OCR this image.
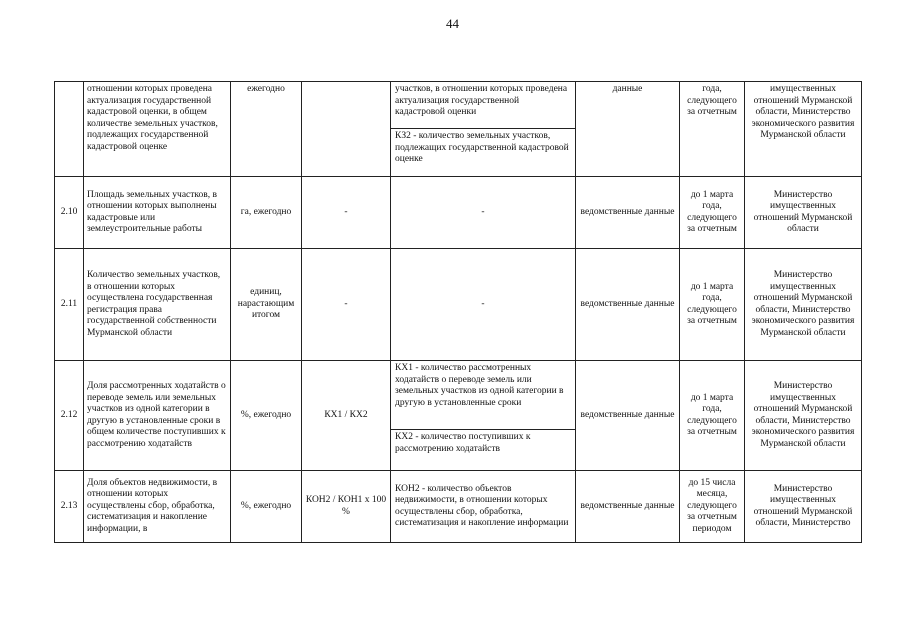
44
	отношении которых проведена актуализация государственной кадастровой оценки, в общем количестве земельных участков, подлежащих государственной кадастровой оценке	ежегодно		участков, в отношении которых проведена актуализация государственной кадастровой оценки
КЗ2 - количество земельных участков, подлежащих государственной кадастровой оценке	данные	года, следующего за отчетным	имущественных отношений Мурманской области, Министерство экономического развития Мурманской области
2.10	Площадь земельных участков, в отношении которых выполнены кадастровые или землеустроительные работы	га, ежегодно	-	-	ведомственные данные	до 1 марта года, следующего за отчетным	Министерство имущественных отношений Мурманской области
2.11	Количество земельных участков, в отношении которых осуществлена государственная регистрация права государственной собственности Мурманской области	единиц, нарастающим итогом	-	-	ведомственные данные	до 1 марта года, следующего за отчетным	Министерство имущественных отношений Мурманской области, Министерство экономического развития Мурманской области
2.12	Доля рассмотренных ходатайств о переводе земель или земельных участков из одной категории в другую в установленные сроки в общем количестве поступивших к рассмотрению ходатайств	%, ежегодно	КХ1 / КХ2	КХ1 - количество рассмотренных ходатайств о переводе земель или земельных участков из одной категории в другую в установленные сроки
КХ2 - количество поступивших к рассмотрению ходатайств	ведомственные данные	до 1 марта года, следующего за отчетным	Министерство имущественных отношений Мурманской области, Министерство экономического развития Мурманской области
2.13	Доля объектов недвижимости, в отношении которых осуществлены сбор, обработка, систематизация и накопление информации, в	%, ежегодно	КОН2 / КОН1 х 100 %	КОН2 - количество объектов недвижимости, в отношении которых осуществлены сбор, обработка, систематизация и накопление информации	ведомственные данные	до 15 числа месяца, следующего за отчетным периодом	Министерство имущественных отношений Мурманской области, Министерство
